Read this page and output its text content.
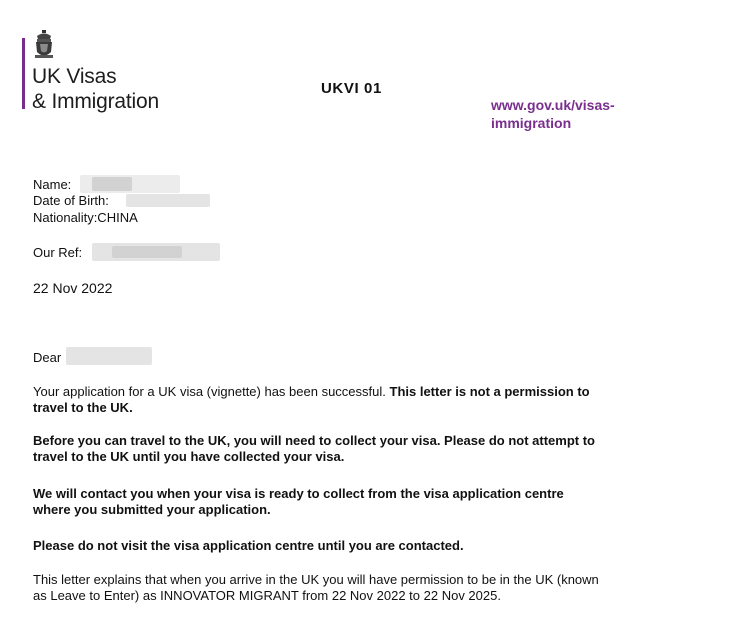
UK Visas
& Immigration
UKVI 01
www.gov.uk/visas-
immigration
Name:
Date of Birth:
Nationality:CHINA
Our Ref:
22 Nov 2022
Dear
Your application for a UK visa (vignette) has been successful. This letter is not a permission to
travel to the UK.
Before you can travel to the UK, you will need to collect your visa. Please do not attempt to
travel to the UK until you have collected your visa.
We will contact you when your visa is ready to collect from the visa application centre
where you submitted your application.
Please do not visit the visa application centre until you are contacted.
This letter explains that when you arrive in the UK you will have permission to be in the UK (known
as Leave to Enter) as INNOVATOR MIGRANT from 22 Nov 2022 to 22 Nov 2025.
